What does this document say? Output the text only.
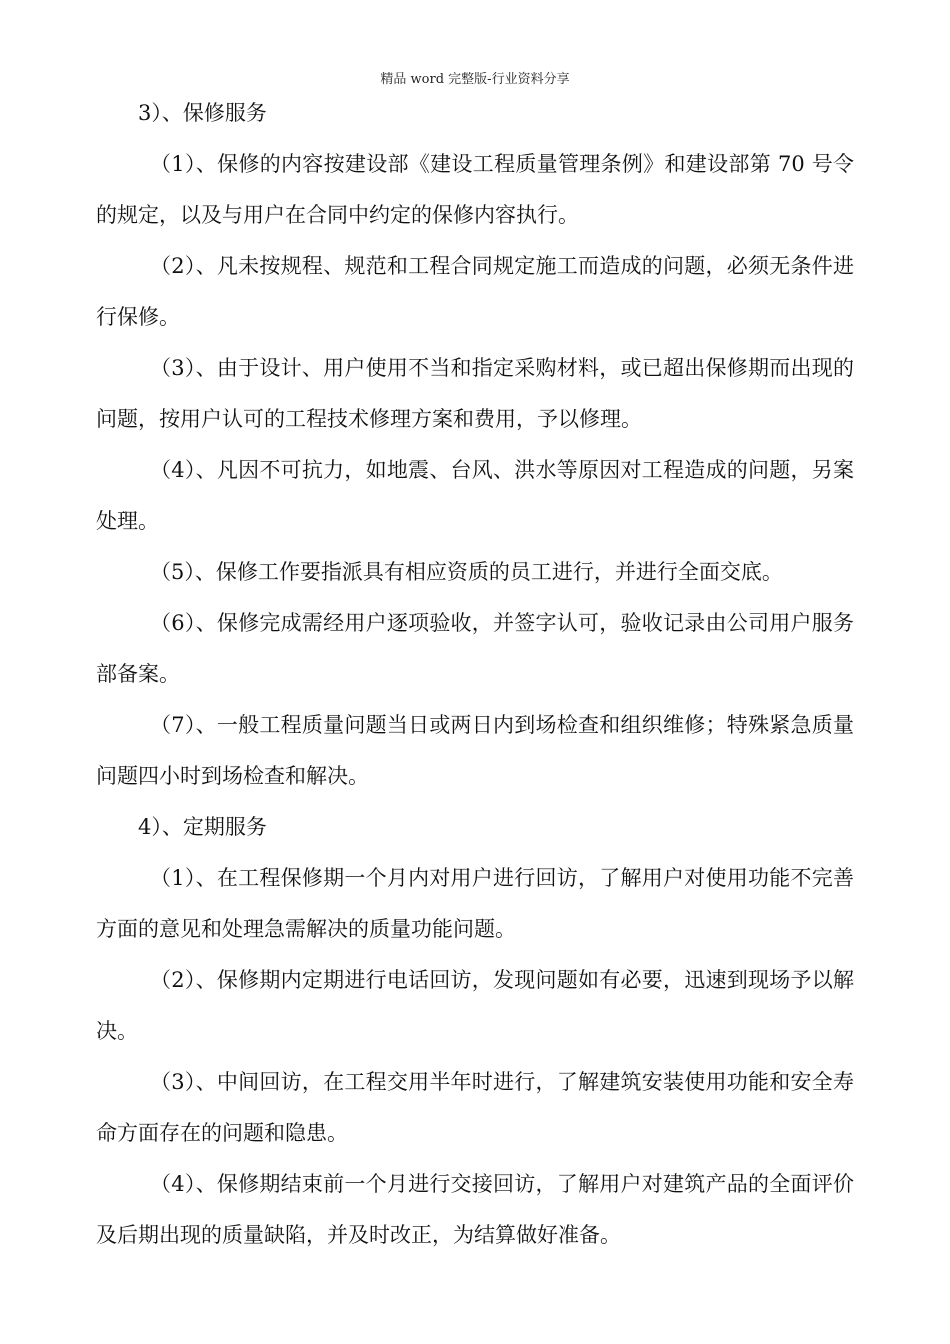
精品 word 完整版-行业资料分享

3）、保修服务

（1）、保修的内容按建设部《建设工程质量管理条例》和建设部第 70 号令的规定，以及与用户在合同中约定的保修内容执行。

（2）、凡未按规程、规范和工程合同规定施工而造成的问题，必须无条件进行保修。

（3）、由于设计、用户使用不当和指定采购材料，或已超出保修期而出现的问题，按用户认可的工程技术修理方案和费用，予以修理。

（4）、凡因不可抗力，如地震、台风、洪水等原因对工程造成的问题，另案处理。

（5）、保修工作要指派具有相应资质的员工进行，并进行全面交底。

（6）、保修完成需经用户逐项验收，并签字认可，验收记录由公司用户服务部备案。

（7）、一般工程质量问题当日或两日内到场检查和组织维修；特殊紧急质量问题四小时到场检查和解决。

4）、定期服务

（1）、在工程保修期一个月内对用户进行回访，了解用户对使用功能不完善方面的意见和处理急需解决的质量功能问题。

（2）、保修期内定期进行电话回访，发现问题如有必要，迅速到现场予以解决。

（3）、中间回访，在工程交用半年时进行，了解建筑安装使用功能和安全寿命方面存在的问题和隐患。

（4）、保修期结束前一个月进行交接回访，了解用户对建筑产品的全面评价及后期出现的质量缺陷，并及时改正，为结算做好准备。
